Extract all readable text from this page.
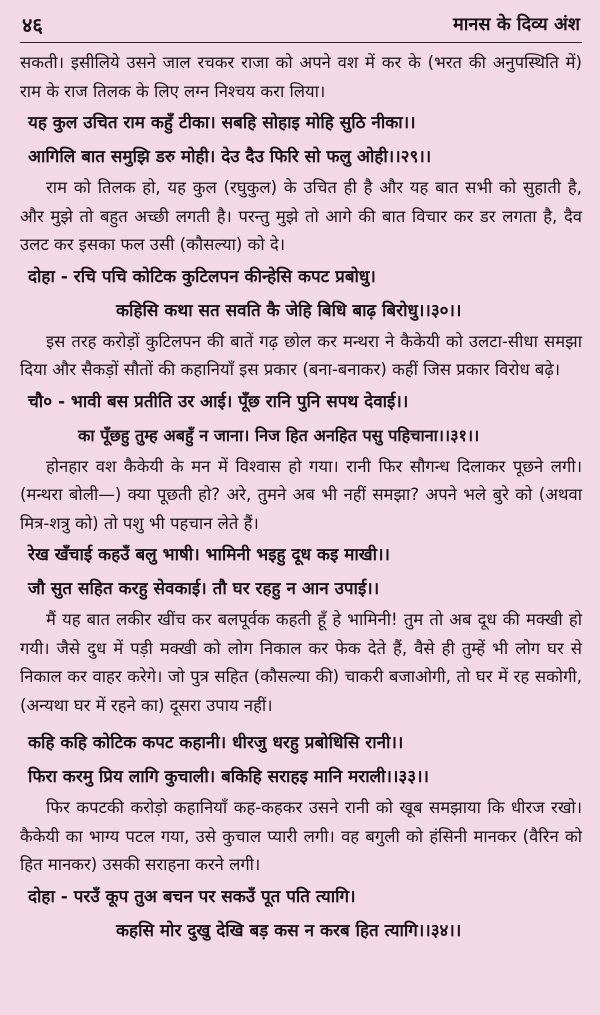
४६	मानस के दिव्य अंश

सकती। इसीलिये उसने जाल रचकर राजा को अपने वश में कर के (भरत की अनुपस्थिति में) राम के राज तिलक के लिए लग्न निश्चय करा लिया।

यह कुल उचित राम कहुँ टीका। सबहि सोहाइ मोहि सुठि नीका।।

आगिलि बात समुझि डरु मोही। देउ दैउ फिरि सो फलु ओही।।२९।।

राम को तिलक हो, यह कुल (रघुकुल) के उचित ही है और यह बात सभी को सुहाती है, और मुझे तो बहुत अच्छी लगती है। परन्तु मुझे तो आगे की बात विचार कर डर लगता है, दैव उलट कर इसका फल उसी (कौसल्या) को दे।

दोहा - रचि पचि कोटिक कुटिलपन कीन्हेसि कपट प्रबोधु।

कहिसि कथा सत सवति कै जेहि बिधि बाढ़ बिरोधु।।३०।।

इस तरह करोड़ों कुटिलपन की बातें गढ़ छोल कर मन्थरा ने कैकेयी को उलटा-सीधा समझा दिया और सैकड़ों सौतों की कहानियाँ इस प्रकार (बना-बनाकर) कहीं जिस प्रकार विरोध बढ़े।

चौ० - भावी बस प्रतीति उर आई। पूँछ रानि पुनि सपथ देवाई।।

का पूँछहु तुम्ह अबहुँ न जाना। निज हित अनहित पसु पहिचाना।।३१।।

होनहार वश कैकेयी के मन में विश्वास हो गया। रानी फिर सौगन्ध दिलाकर पूछने लगी। (मन्थरा बोली—) क्या पूछती हो? अरे, तुमने अब भी नहीं समझा? अपने भले बुरे को (अथवा मित्र-शत्रु को) तो पशु भी पहचान लेते हैं।

रेख खँचाई कहउँ बलु भाषी। भामिनी भइहु दूध कइ माखी।।

जौ सुत सहित करहु सेवकाई। तौ घर रहहु न आन उपाई।।

मैं यह बात लकीर खींच कर बलपूर्वक कहती हूँ हे भामिनी! तुम तो अब दूध की मक्खी हो गयी। जैसे दुध में पड़ी मक्खी को लोग निकाल कर फेक देते हैं, वैसे ही तुम्हें भी लोग घर से निकाल कर वाहर करेगे। जो पुत्र सहित (कौसल्या की) चाकरी बजाओगी, तो घर में रह सकोगी, (अन्यथा घर में रहने का) दूसरा उपाय नहीं।

कहि कहि कोटिक कपट कहानी। धीरजु धरहु प्रबोधिसि रानी।।

फिरा करमु प्रिय लागि कुचाली। बकिहि सराहइ मानि मराली।।३३।।

फिर कपटकी करोड़ो कहानियाँ कह-कहकर उसने रानी को खूब समझाया कि धीरज रखो। कैकेयी का भाग्य पटल गया, उसे कुचाल प्यारी लगी। वह बगुली को हंसिनी मानकर (वैरिन को हित मानकर) उसकी सराहना करने लगी।

दोहा - परउँ कूप तुअ बचन पर सकउँ पूत पति त्यागि।

कहसि मोर दुखु देखि बड़ कस न करब हित त्यागि।।३४।।
